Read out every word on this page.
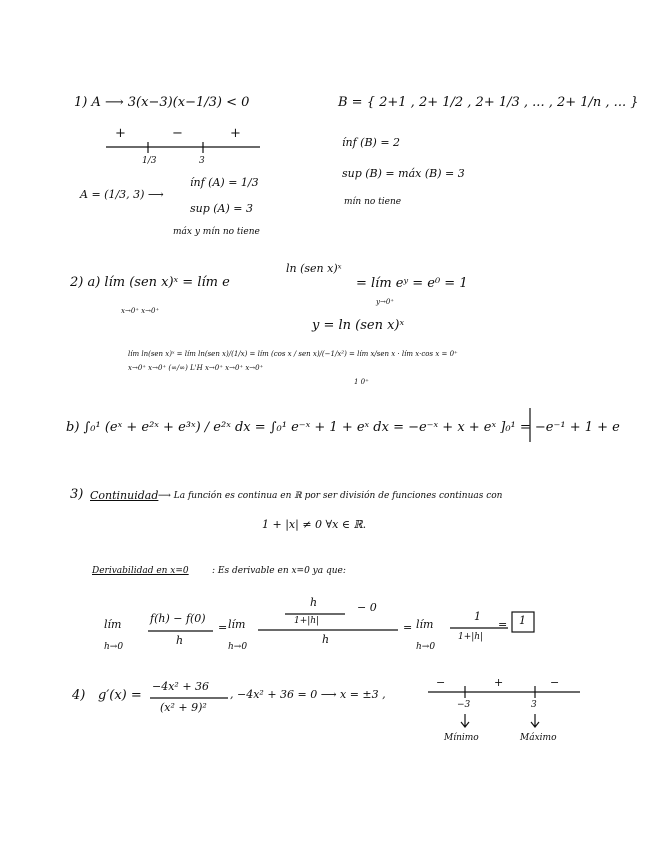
1) A ⟶ 3(x−3)(x−1/3) < 0
+	−	+
1/3	3
A = (1/3, 3) ⟶
ínf (A) = 1/3
sup (A) = 3
máx y mín no tiene
B = { 2+1 , 2+ 1/2 , 2+ 1/3 , ... , 2+ 1/n , ... }
ínf (B) = 2
sup (B) = máx (B) = 3
mín no tiene
2) a) lím (sen x)ˣ = lím e
x→0⁺ x→0⁺
ln (sen x)ˣ
= lím eʸ = e⁰ = 1
y→0⁺
y = ln (sen x)ˣ
lím ln(sen x)ˣ = lím ln(sen x)/(1/x) = lím (cos x / sen x)/(−1/x²) = lím x/sen x · lím x·cos x = 0⁺
x→0⁺ x→0⁺ (∞/∞) L'H x→0⁺ x→0⁺ x→0⁺
1 0⁺
b) ∫₀¹ (eˣ + e²ˣ + e³ˣ) / e²ˣ dx = ∫₀¹ e⁻ˣ + 1 + eˣ dx = −e⁻ˣ + x + eˣ ]₀¹ = −e⁻¹ + 1 + e
3) Continuidad ⟶ La función es continua en ℝ por ser división de funciones continuas con
1 + |x| ≠ 0 ∀x ∈ ℝ.
Derivabilidad en x=0	: Es derivable en x=0 ya que:
lím
h→0
f(h) − f(0)
h
= lím
h→0
h
1+|h|
− 0
h
= lím
h→0
1
1+|h|
= 1
4) g′(x) =
−4x² + 36
(x² + 9)²
, −4x² + 36 = 0 ⟶ x = ±3 ,
−	+	−
−3	3
Mínimo	Máximo
